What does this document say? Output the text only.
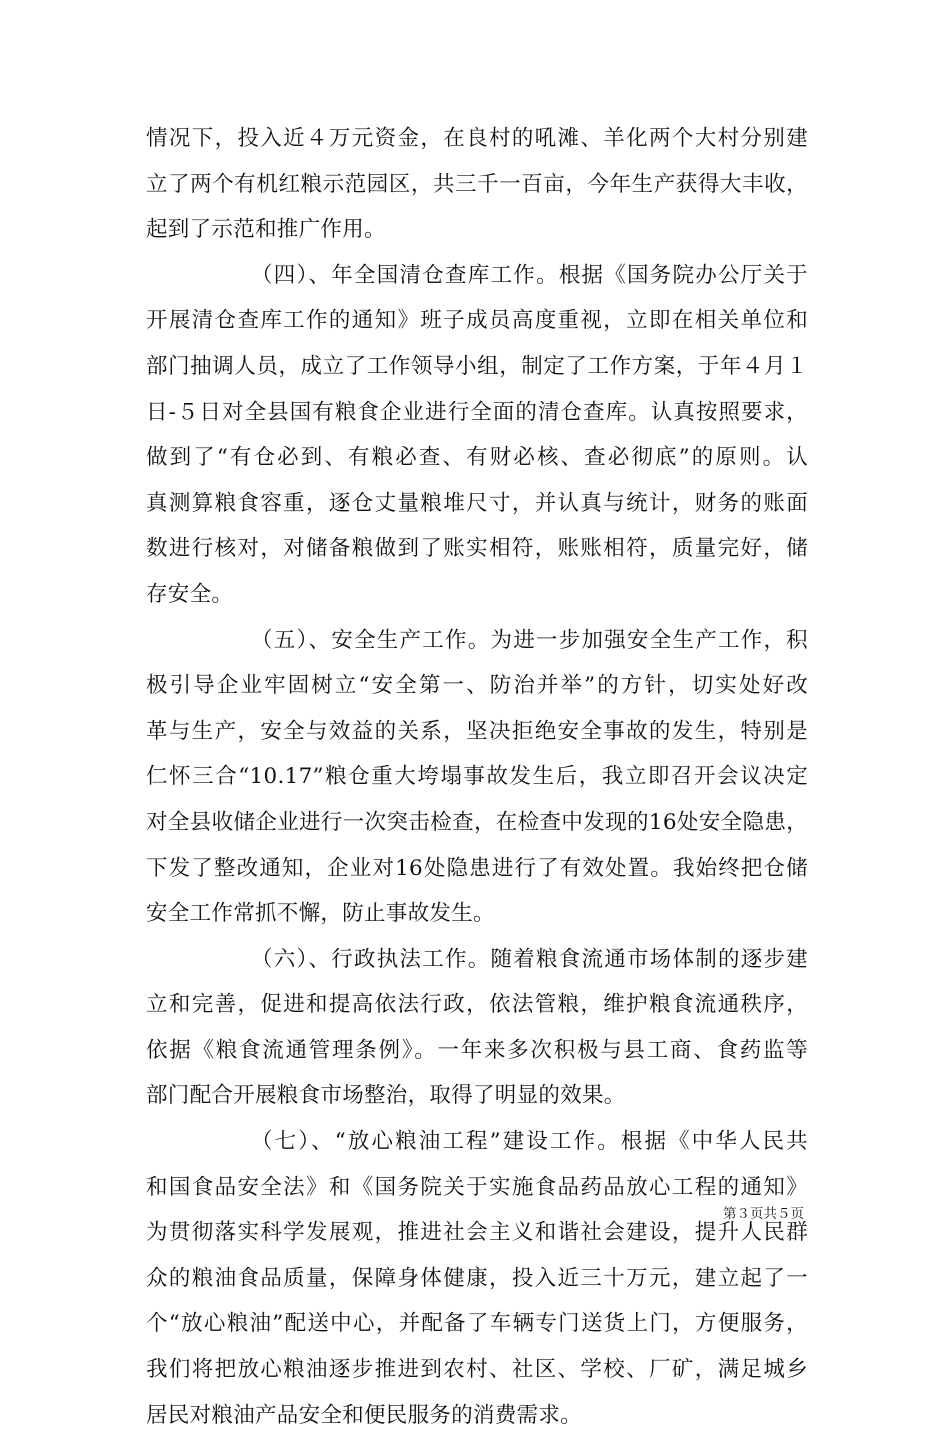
情况下，投入近４万元资金，在良村的吼滩、羊化两个大村分别建
立了两个有机红粮示范园区，共三千一百亩，今年生产获得大丰收，
起到了示范和推广作用。
（四）、年全国清仓查库工作。根据《国务院办公厅关于
开展清仓查库工作的通知》班子成员高度重视，立即在相关单位和
部门抽调人员，成立了工作领导小组，制定了工作方案，于年４月１
日-５日对全县国有粮食企业进行全面的清仓查库。认真按照要求，
做到了“有仓必到、有粮必查、有财必核、查必彻底”的原则。认
真测算粮食容重，逐仓丈量粮堆尺寸，并认真与统计，财务的账面
数进行核对，对储备粮做到了账实相符，账账相符，质量完好，储
存安全。
（五）、安全生产工作。为进一步加强安全生产工作，积
极引导企业牢固树立“安全第一、防治并举”的方针，切实处好改
革与生产，安全与效益的关系，坚决拒绝安全事故的发生，特别是
仁怀三合“10.17”粮仓重大垮塌事故发生后，我立即召开会议决定
对全县收储企业进行一次突击检查，在检查中发现的16处安全隐患，
下发了整改通知，企业对16处隐患进行了有效处置。我始终把仓储
安全工作常抓不懈，防止事故发生。
（六）、行政执法工作。随着粮食流通市场体制的逐步建
立和完善，促进和提高依法行政，依法管粮，维护粮食流通秩序，
依据《粮食流通管理条例》。一年来多次积极与县工商、食药监等
部门配合开展粮食市场整治，取得了明显的效果。
（七）、“放心粮油工程”建设工作。根据《中华人民共
和国食品安全法》和《国务院关于实施食品药品放心工程的通知》
为贯彻落实科学发展观，推进社会主义和谐社会建设，提升人民群
众的粮油食品质量，保障身体健康，投入近三十万元，建立起了一
个“放心粮油”配送中心，并配备了车辆专门送货上门，方便服务，
我们将把放心粮油逐步推进到农村、社区、学校、厂矿，满足城乡
居民对粮油产品安全和便民服务的消费需求。
第３页共５页
